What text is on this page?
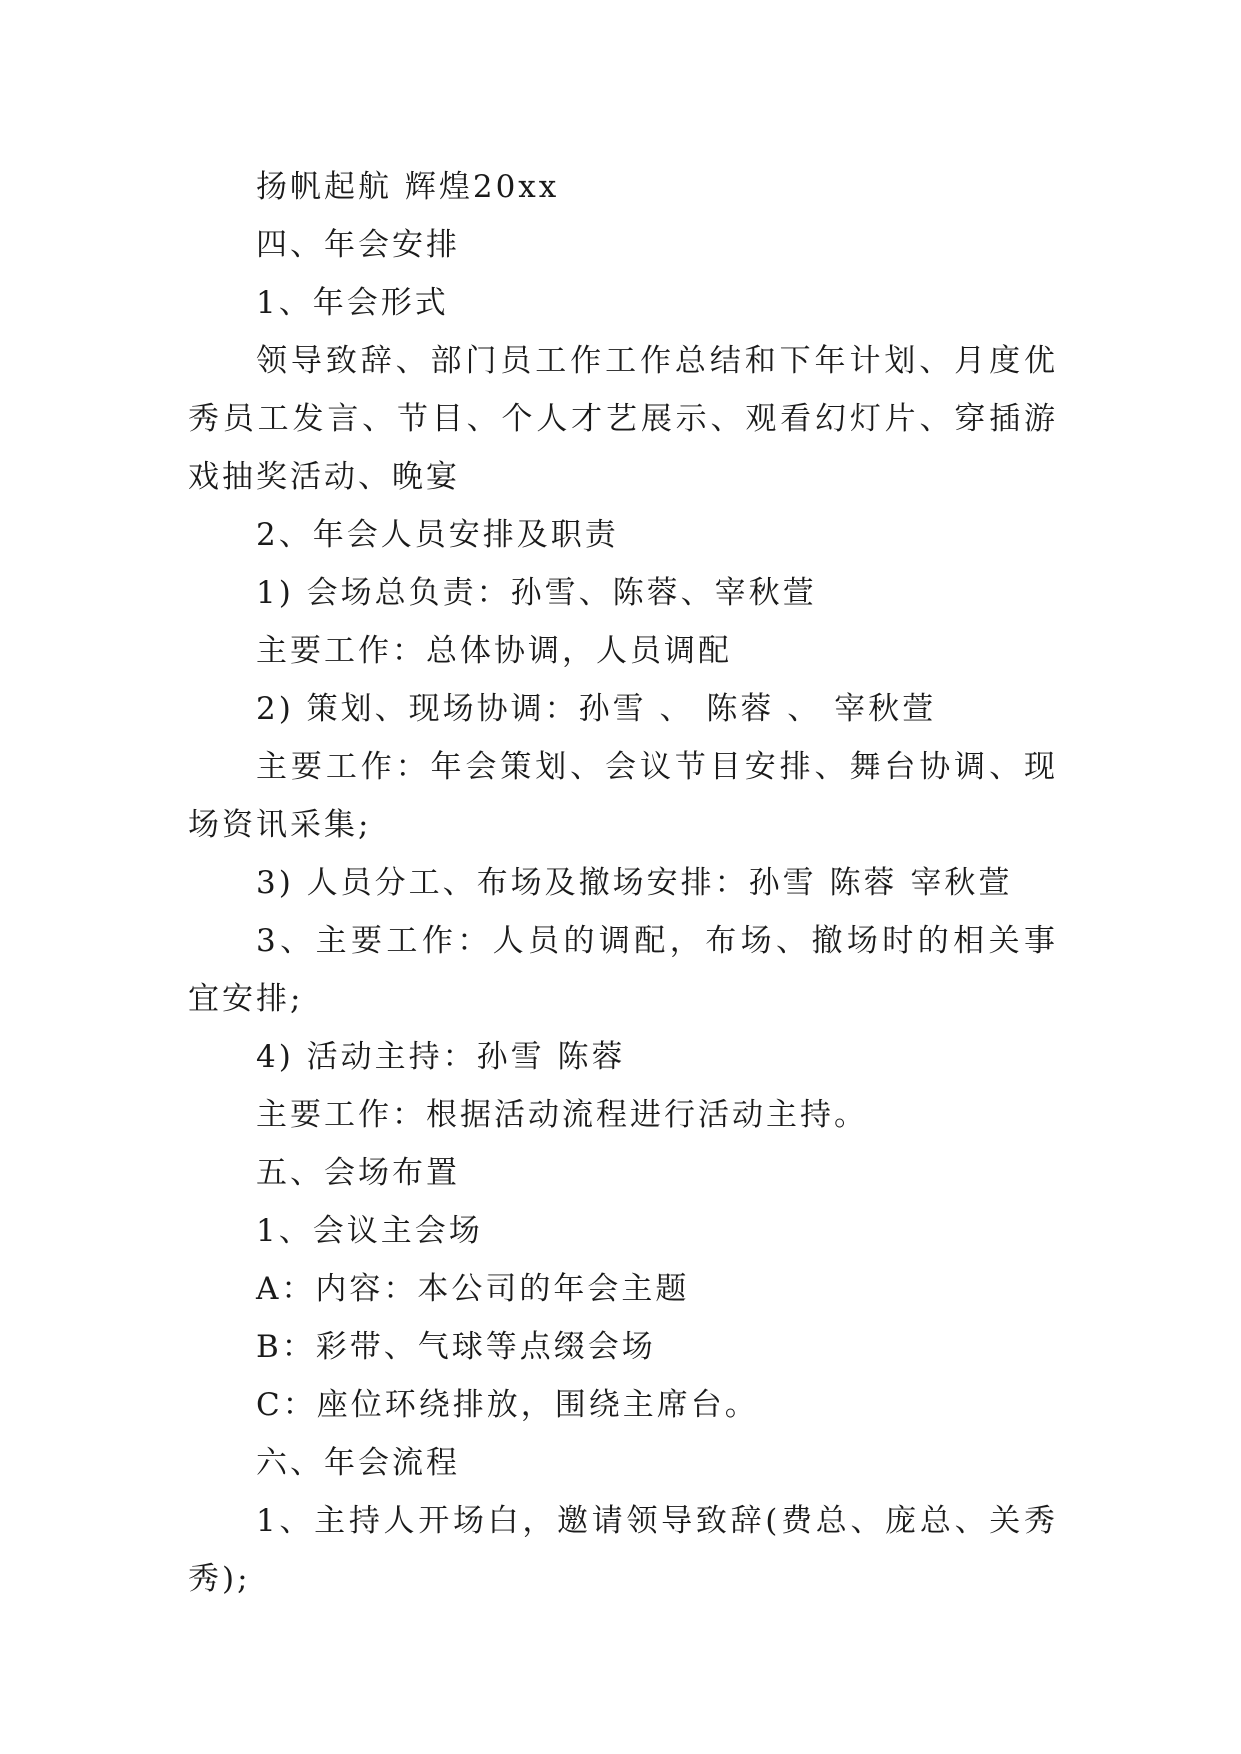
扬帆起航 辉煌20xx

四、年会安排

1、年会形式

领导致辞、部门员工作工作总结和下年计划、月度优秀员工发言、节目、个人才艺展示、观看幻灯片、穿插游戏抽奖活动、晚宴

2、年会人员安排及职责

1) 会场总负责：孙雪、陈蓉、宰秋萱

主要工作：总体协调，人员调配

2) 策划、现场协调：孙雪 、 陈蓉 、 宰秋萱

主要工作：年会策划、会议节目安排、舞台协调、现场资讯采集;

3) 人员分工、布场及撤场安排：孙雪 陈蓉 宰秋萱

3、主要工作：人员的调配，布场、撤场时的相关事宜安排;

4) 活动主持：孙雪 陈蓉

主要工作：根据活动流程进行活动主持。

五、会场布置

1、会议主会场

A：内容：本公司的年会主题

B：彩带、气球等点缀会场

C：座位环绕排放，围绕主席台。

六、年会流程

1、主持人开场白，邀请领导致辞(费总、庞总、关秀秀);
